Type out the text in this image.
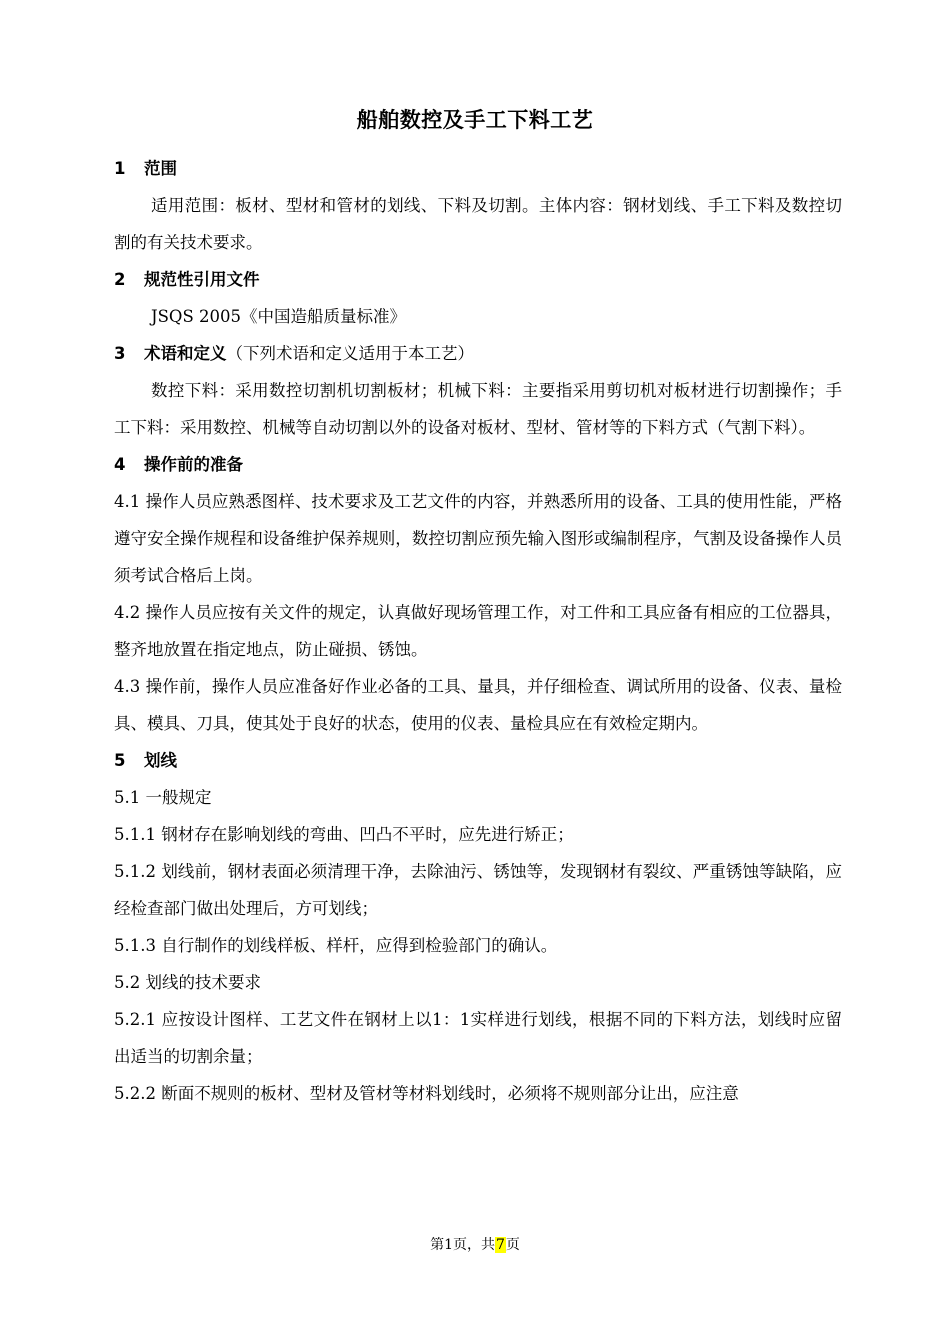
船舶数控及手工下料工艺
1 范围
适用范围：板材、型材和管材的划线、下料及切割。主体内容：钢材划线、手工下料及数控切割的有关技术要求。
2 规范性引用文件
JSQS 2005《中国造船质量标准》
3 术语和定义（下列术语和定义适用于本工艺）
数控下料：采用数控切割机切割板材；机械下料：主要指采用剪切机对板材进行切割操作；手工下料：采用数控、机械等自动切割以外的设备对板材、型材、管材等的下料方式（气割下料）。
4 操作前的准备
4.1 操作人员应熟悉图样、技术要求及工艺文件的内容，并熟悉所用的设备、工具的使用性能，严格遵守安全操作规程和设备维护保养规则，数控切割应预先输入图形或编制程序，气割及设备操作人员须考试合格后上岗。
4.2 操作人员应按有关文件的规定，认真做好现场管理工作，对工件和工具应备有相应的工位器具，整齐地放置在指定地点，防止碰损、锈蚀。
4.3 操作前，操作人员应准备好作业必备的工具、量具，并仔细检查、调试所用的设备、仪表、量检具、模具、刀具，使其处于良好的状态，使用的仪表、量检具应在有效检定期内。
5 划线
5.1 一般规定
5.1.1 钢材存在影响划线的弯曲、凹凸不平时，应先进行矫正；
5.1.2 划线前，钢材表面必须清理干净，去除油污、锈蚀等，发现钢材有裂纹、严重锈蚀等缺陷，应经检查部门做出处理后，方可划线；
5.1.3 自行制作的划线样板、样杆，应得到检验部门的确认。
5.2 划线的技术要求
5.2.1 应按设计图样、工艺文件在钢材上以1：1实样进行划线，根据不同的下料方法，划线时应留出适当的切割余量；
5.2.2 断面不规则的板材、型材及管材等材料划线时，必须将不规则部分让出，应注意
第1页，共7页
